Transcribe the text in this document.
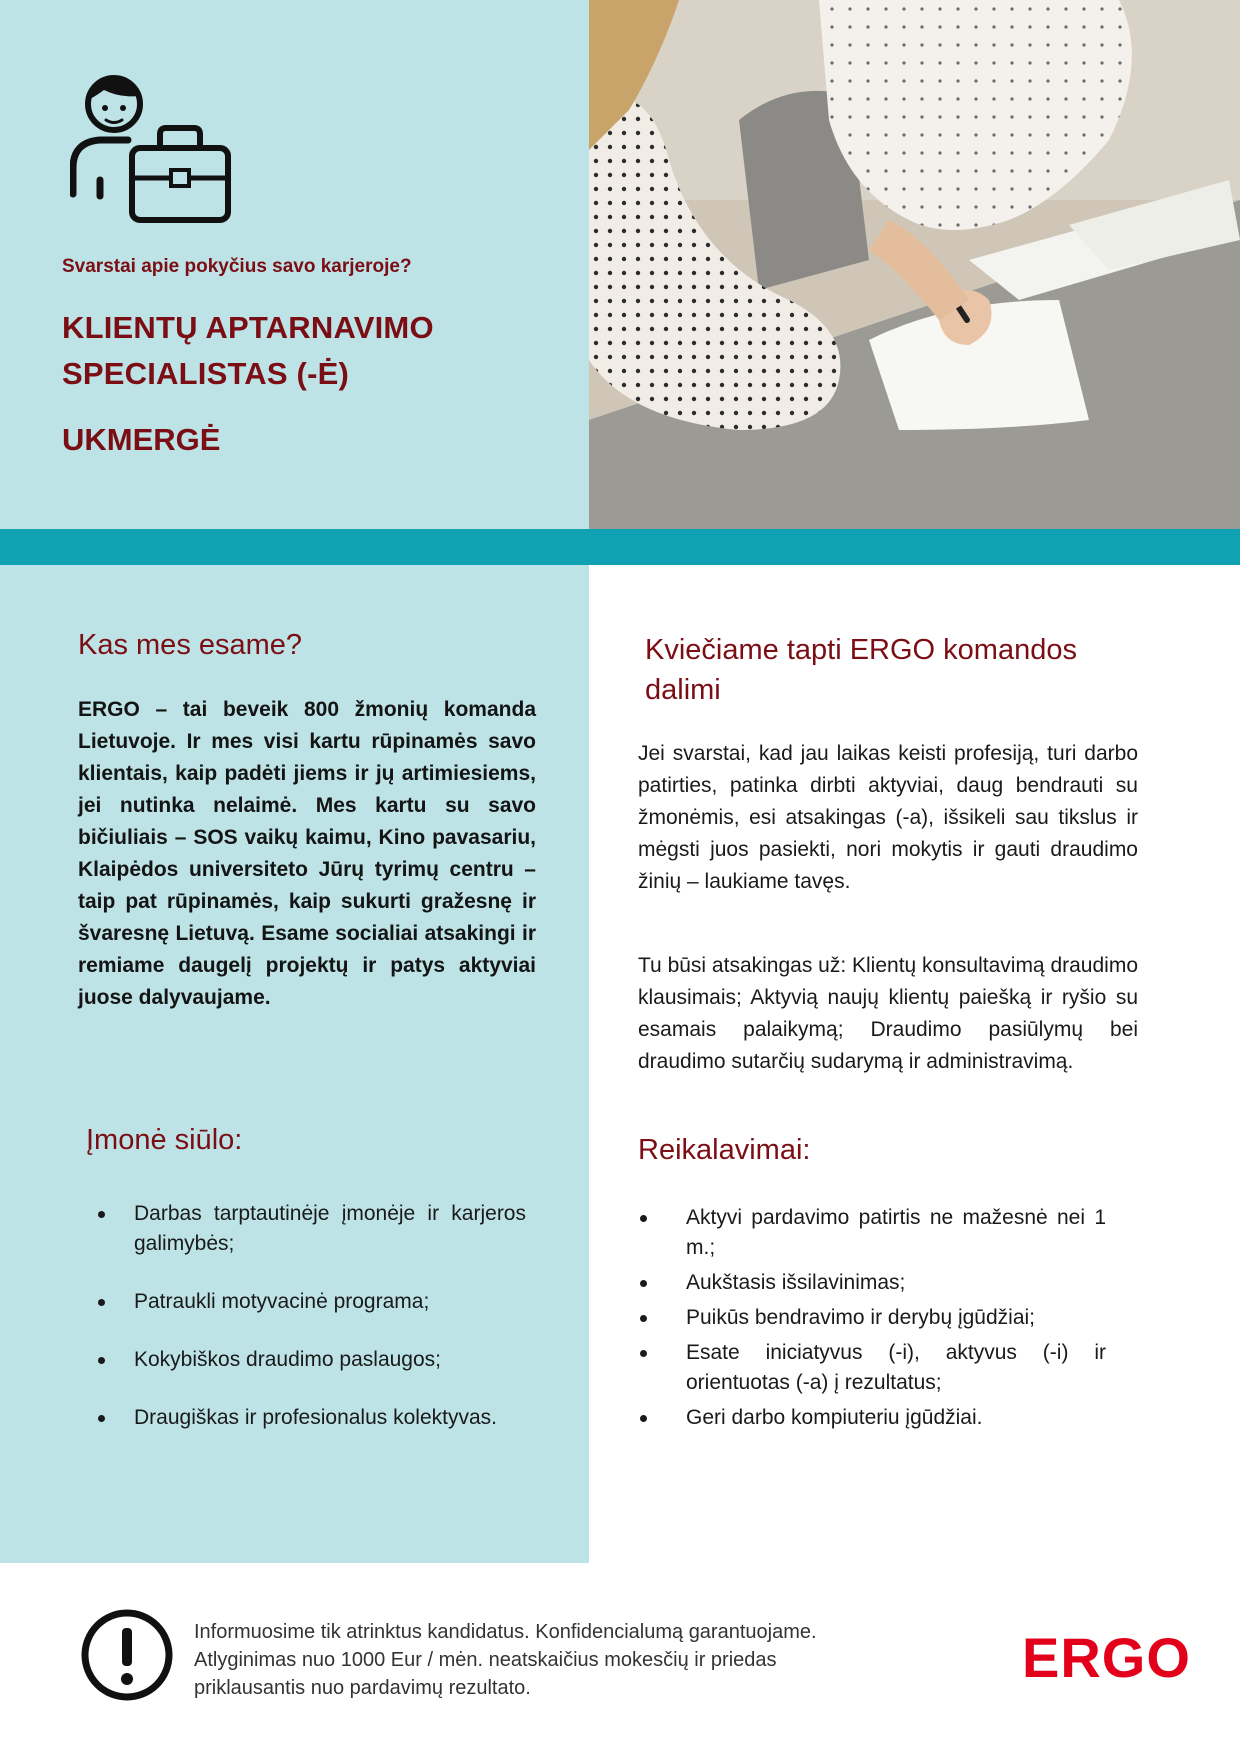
Svarstai apie pokyčius savo karjeroje?
KLIENTŲ APTARNAVIMO SPECIALISTAS (-Ė)
UKMERGĖ
Kas mes esame?
ERGO – tai beveik 800 žmonių komanda Lietuvoje. Ir mes visi kartu rūpinamės savo klientais, kaip padėti jiems ir jų artimiesiems, jei nutinka nelaimė. Mes kartu su savo bičiuliais – SOS vaikų kaimu, Kino pavasariu, Klaipėdos universiteto Jūrų tyrimų centru – taip pat rūpinamės, kaip sukurti gražesnę ir švaresnę Lietuvą. Esame socialiai atsakingi ir remiame daugelį projektų ir patys aktyviai juose dalyvaujame.
Įmonė siūlo:
Darbas tarptautinėje įmonėje ir karjeros galimybės;
Patraukli motyvacinė programa;
Kokybiškos draudimo paslaugos;
Draugiškas ir profesionalus kolektyvas.
Kviečiame tapti ERGO komandos dalimi
Jei svarstai, kad jau laikas keisti profesiją, turi darbo patirties, patinka dirbti aktyviai, daug bendrauti su žmonėmis, esi atsakingas (-a), išsikeli sau tikslus ir mėgsti juos pasiekti, nori mokytis ir gauti draudimo žinių – laukiame tavęs.
Tu būsi atsakingas už: Klientų konsultavimą draudimo klausimais; Aktyvią naujų klientų paiešką ir ryšio su esamais palaikymą; Draudimo pasiūlymų bei draudimo sutarčių sudarymą ir administravimą.
Reikalavimai:
Aktyvi pardavimo patirtis ne mažesnė nei 1 m.;
Aukštasis išsilavinimas;
Puikūs bendravimo ir derybų įgūdžiai;
Esate iniciatyvus (-i), aktyvus (-i) ir orientuotas (-a) į rezultatus;
Geri darbo kompiuteriu įgūdžiai.
Informuosime tik atrinktus kandidatus. Konfidencialumą garantuojame.
Atlyginimas nuo 1000 Eur / mėn. neatskaičius mokesčių ir priedas priklausantis nuo pardavimų rezultato.	ERGO
